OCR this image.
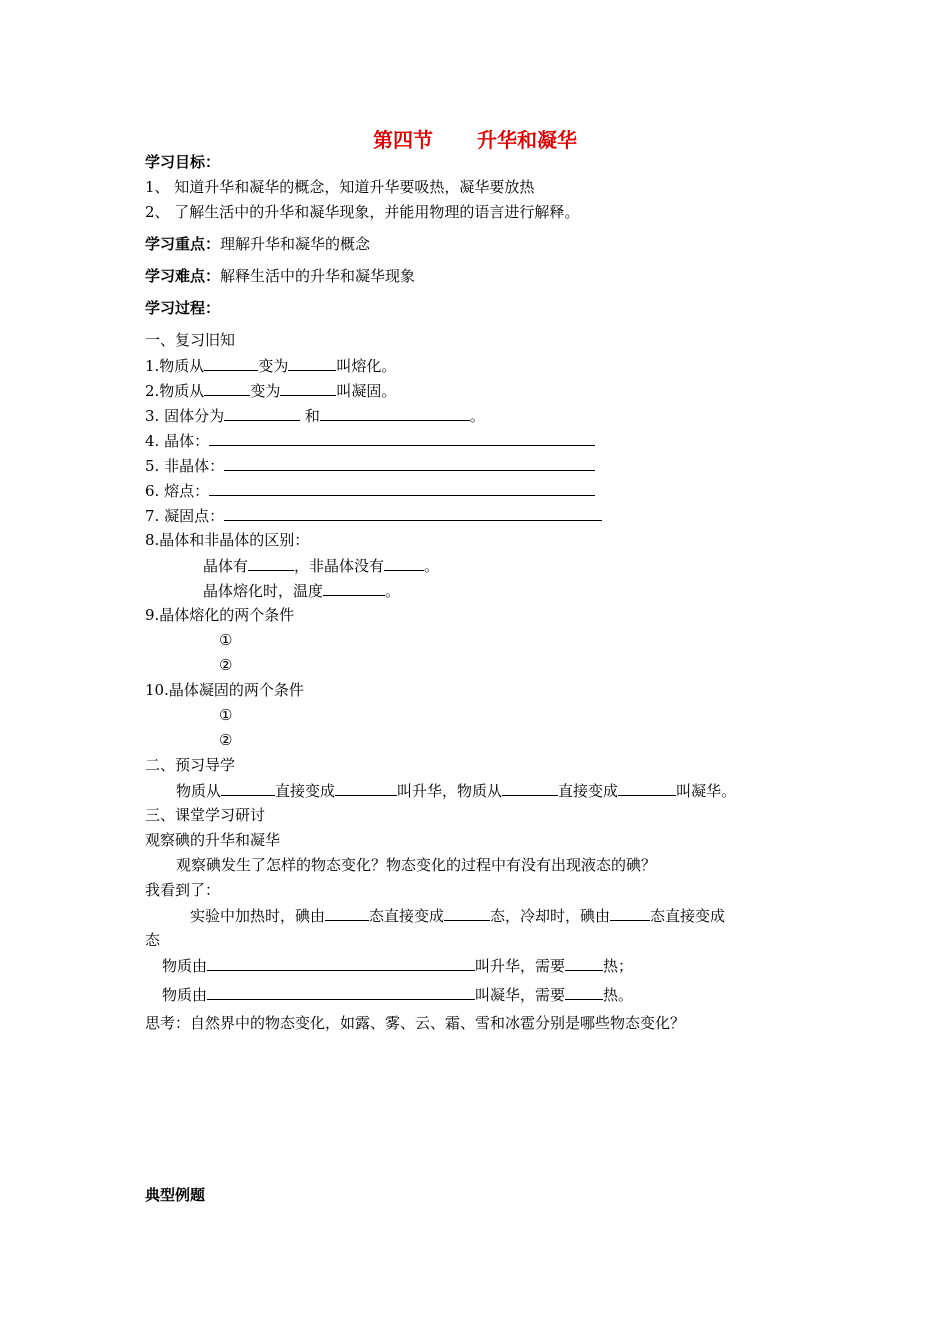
第四节 升华和凝华
学习目标：
1、 知道升华和凝华的概念，知道升华要吸热，凝华要放热
2、 了解生活中的升华和凝华现象，并能用物理的语言进行解释。
学习重点：理解升华和凝华的概念
学习难点：解释生活中的升华和凝华现象
学习过程：
一、复习旧知
1.物质从	变为	叫熔化。
2.物质从	变为	叫凝固。
3. 固体分为	和	。
4. 晶体：
5. 非晶体：
6. 熔点：
7. 凝固点：
8.晶体和非晶体的区别：
晶体有	，非晶体没有	。
晶体熔化时，温度	。
9.晶体熔化的两个条件
①
②
10.晶体凝固的两个条件
①
②
二、预习导学
物质从	直接变成	叫升华，物质从	直接变成	叫凝华。
三、课堂学习研讨
观察碘的升华和凝华
观察碘发生了怎样的物态变化？物态变化的过程中有没有出现液态的碘？
我看到了：
实验中加热时，碘由	态直接变成	态，冷却时，碘由	态直接变成
态
物质由	叫升华，需要	热；
物质由	叫凝华，需要	热。
思考：自然界中的物态变化，如露、雾、云、霜、雪和冰雹分别是哪些物态变化？
典型例题
